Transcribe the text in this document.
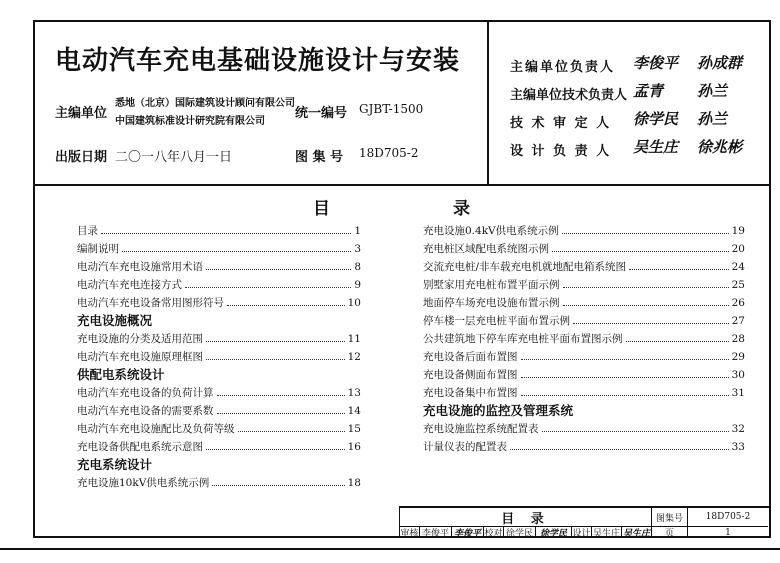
电动汽车充电基础设施设计与安装
主编单位
悉地（北京）国际建筑设计顾问有限公司
中国建筑标准设计研究院有限公司
统一编号 GJBT-1500
出版日期 二〇一八年八月一日	图 集 号 18D705-2
主编单位负责人 李俊平 孙成群
主编单位技术负责人 孟青 孙兰
技 术 审 定 人 徐学民 孙兰
设 计 负 责 人 吴生庄 徐兆彬
目	录
目录	1
编制说明	3
电动汽车充电设施常用术语	8
电动汽车充电连接方式	9
电动汽车充电设备常用图形符号	10
充电设施概况
充电设施的分类及适用范围	11
电动汽车充电设施原理框图	12
供配电系统设计
电动汽车充电设备的负荷计算	13
电动汽车充电设备的需要系数	14
电动汽车充电设施配比及负荷等级	15
充电设备供配电系统示意图	16
充电系统设计
充电设施10kV供电系统示例	18
充电设施0.4kV供电系统示例	19
充电桩区域配电系统图示例	20
交流充电桩/非车载充电机就地配电箱系统图	24
别墅家用充电桩布置平面示例	25
地面停车场充电设施布置示例	26
停车楼一层充电桩平面布置示例	27
公共建筑地下停车库充电桩平面布置图示例	28
充电设备后面布置图	29
充电设备侧面布置图	30
充电设备集中布置图	31
充电设施的监控及管理系统
充电设施监控系统配置表	32
计量仪表的配置表	33
目 录	图集号	18D705-2
审核 李俊平 李俊平 校对 徐学民 徐学民 设计 吴生庄 吴生庄	页	1
